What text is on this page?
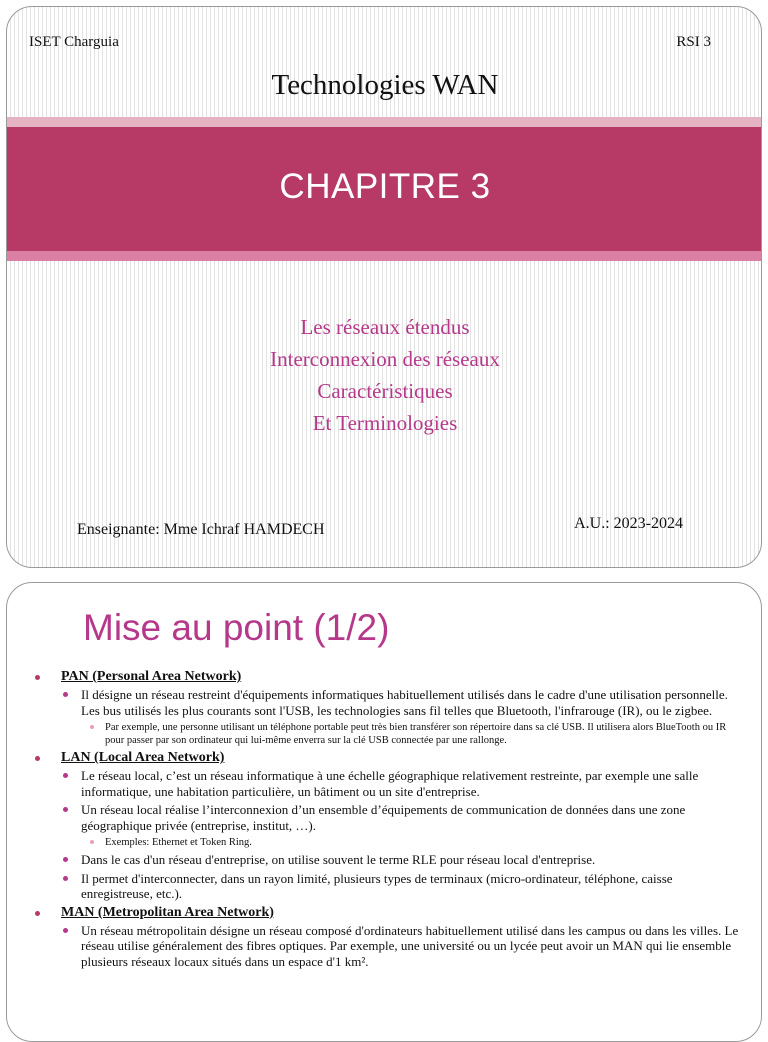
ISET Charguia	RSI 3
Technologies WAN
CHAPITRE 3
Les réseaux étendus
Interconnexion des réseaux
Caractéristiques
Et Terminologies
Enseignante: Mme Ichraf HAMDECH	A.U.: 2023-2024
Mise au point (1/2)
PAN (Personal Area Network)
Il désigne un réseau restreint d'équipements informatiques habituellement utilisés dans le cadre d'une utilisation personnelle. Les bus utilisés les plus courants sont l'USB, les technologies sans fil telles que Bluetooth, l'infrarouge (IR), ou le zigbee.
Par exemple, une personne utilisant un téléphone portable peut très bien transférer son répertoire dans sa clé USB. Il utilisera alors BlueTooth ou IR pour passer par son ordinateur qui lui-même enverra sur la clé USB connectée par une rallonge.
LAN (Local Area Network)
Le réseau local, c’est un réseau informatique à une échelle géographique relativement restreinte, par exemple une salle informatique, une habitation particulière, un bâtiment ou un site d'entreprise.
Un réseau local réalise l’interconnexion d’un ensemble d’équipements de communication de données dans une zone géographique privée (entreprise, institut, …).
Exemples: Ethernet et Token Ring.
Dans le cas d'un réseau d'entreprise, on utilise souvent le terme RLE pour réseau local d'entreprise.
Il permet d'interconnecter, dans un rayon limité, plusieurs types de terminaux (micro-ordinateur, téléphone, caisse enregistreuse, etc.).
MAN (Metropolitan Area Network)
Un réseau métropolitain désigne un réseau composé d'ordinateurs habituellement utilisé dans les campus ou dans les villes. Le réseau utilise généralement des fibres optiques. Par exemple, une université ou un lycée peut avoir un MAN qui lie ensemble plusieurs réseaux locaux situés dans un espace d'1 km².
